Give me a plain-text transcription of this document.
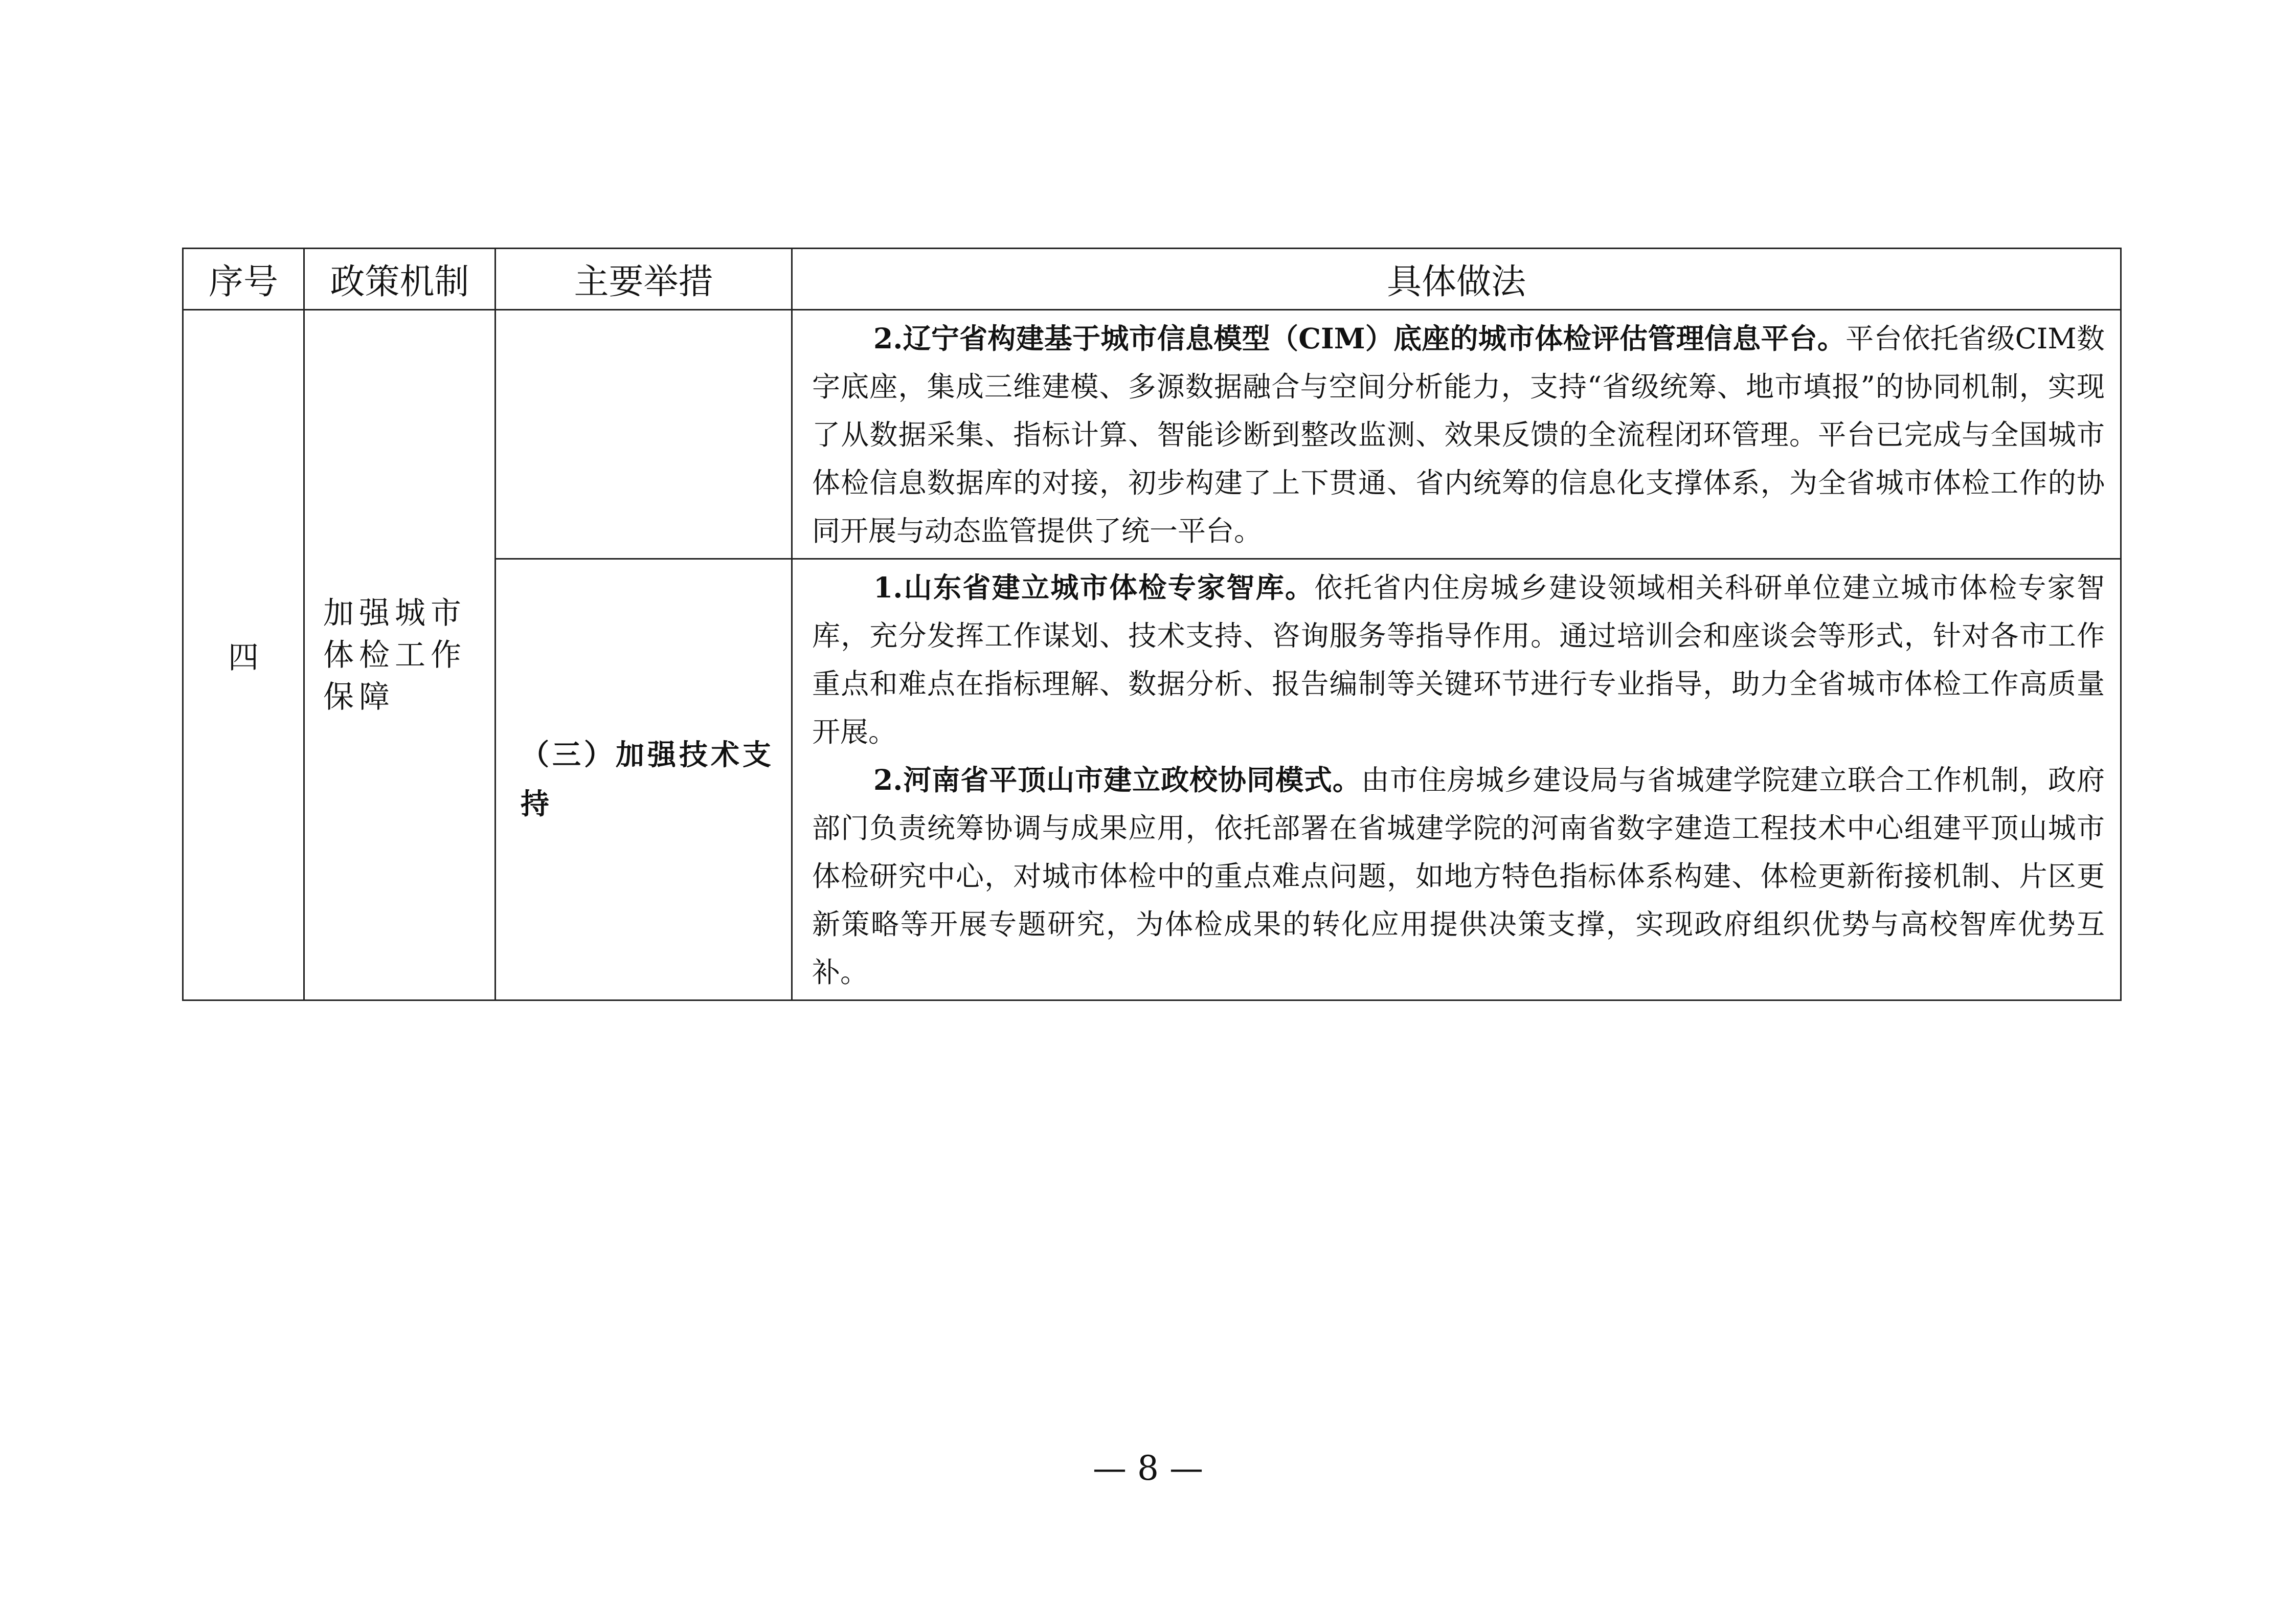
序号	政策机制	主要举措	具体做法
四	加强城市体检工作保障		2.辽宁省构建基于城市信息模型（CIM）底座的城市体检评估管理信息平台。平台依托省级CIM数字底座，集成三维建模、多源数据融合与空间分析能力，支持“省级统筹、地市填报”的协同机制，实现了从数据采集、指标计算、智能诊断到整改监测、效果反馈的全流程闭环管理。平台已完成与全国城市体检信息数据库的对接，初步构建了上下贯通、省内统筹的信息化支撑体系，为全省城市体检工作的协同开展与动态监管提供了统一平台。

		（三）加强技术支持	1.山东省建立城市体检专家智库。依托省内住房城乡建设领域相关科研单位建立城市体检专家智库，充分发挥工作谋划、技术支持、咨询服务等指导作用。通过培训会和座谈会等形式，针对各市工作重点和难点在指标理解、数据分析、报告编制等关键环节进行专业指导，助力全省城市体检工作高质量开展。

2.河南省平顶山市建立政校协同模式。由市住房城乡建设局与省城建学院建立联合工作机制，政府部门负责统筹协调与成果应用，依托部署在省城建学院的河南省数字建造工程技术中心组建平顶山城市体检研究中心，对城市体检中的重点难点问题，如地方特色指标体系构建、体检更新衔接机制、片区更新策略等开展专题研究，为体检成果的转化应用提供决策支撑，实现政府组织优势与高校智库优势互补。

— 8 —
